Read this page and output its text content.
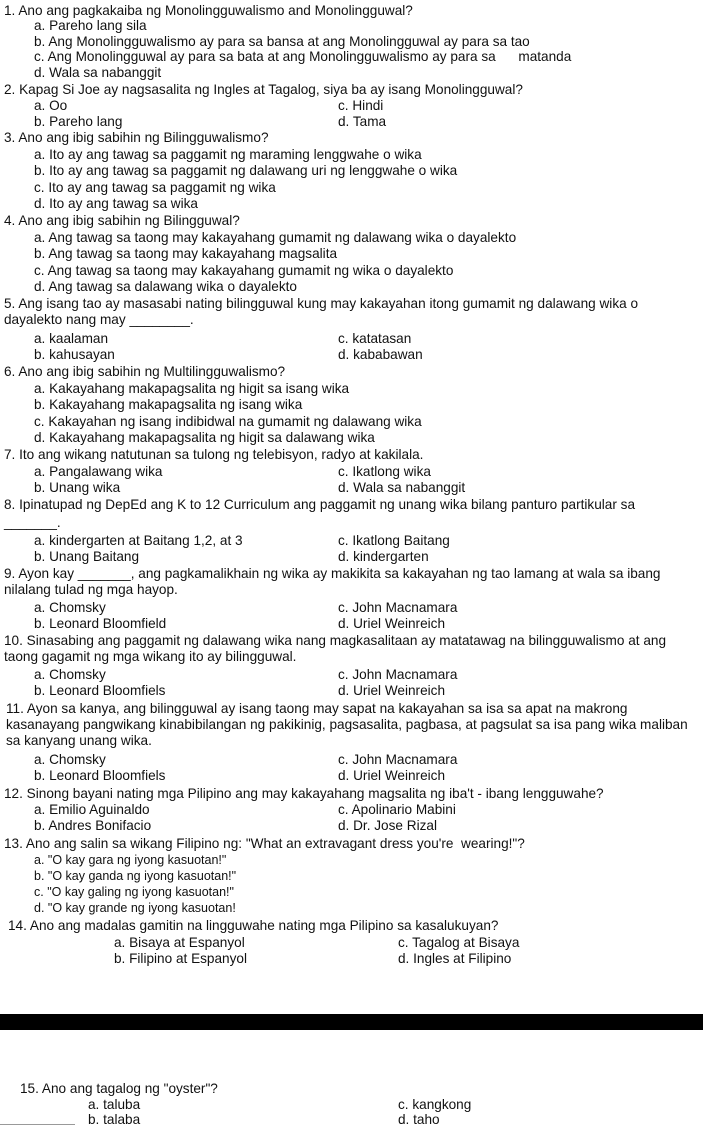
1. Ano ang pagkakaiba ng Monolingguwalismo and Monolingguwal?
a. Pareho lang sila
b. Ang Monolingguwalismo ay para sa bansa at ang Monolingguwal ay para sa tao
c. Ang Monolingguwal ay para sa bata at ang Monolingguwalismo ay para sa      matanda
d. Wala sa nabanggit
2. Kapag Si Joe ay nagsasalita ng Ingles at Tagalog, siya ba ay isang Monolingguwal?
a. Oo	c. Hindi
b. Pareho lang	d. Tama
3. Ano ang ibig sabihin ng Bilingguwalismo?
a. Ito ay ang tawag sa paggamit ng maraming lenggwahe o wika
b. Ito ay ang tawag sa paggamit ng dalawang uri ng lenggwahe o wika
c. Ito ay ang tawag sa paggamit ng wika
d. Ito ay ang tawag sa wika
4. Ano ang ibig sabihin ng Bilingguwal?
a. Ang tawag sa taong may kakayahang gumamit ng dalawang wika o dayalekto
b. Ang tawag sa taong may kakayahang magsalita
c. Ang tawag sa taong may kakayahang gumamit ng wika o dayalekto
d. Ang tawag sa dalawang wika o dayalekto
5. Ang isang tao ay masasabi nating bilingguwal kung may kakayahan itong gumamit ng dalawang wika o dayalekto nang may ________.
a. kaalaman	c. katatasan
b. kahusayan	d. kababawan
6. Ano ang ibig sabihin ng Multilingguwalismo?
a. Kakayahang makapagsalita ng higit sa isang wika
b. Kakayahang makapagsalita ng isang wika
c. Kakayahan ng isang indibidwal na gumamit ng dalawang wika
d. Kakayahang makapagsalita ng higit sa dalawang wika
7. Ito ang wikang natutunan sa tulong ng telebisyon, radyo at kakilala.
a. Pangalawang wika	c. Ikatlong wika
b. Unang wika	d. Wala sa nabanggit
8. Ipinatupad ng DepEd ang K to 12 Curriculum ang paggamit ng unang wika bilang panturo partikular sa
_______.
a. kindergarten at Baitang 1,2, at 3	c. Ikatlong Baitang
b. Unang Baitang	d. kindergarten
9. Ayon kay _______, ang pagkamalikhain ng wika ay makikita sa kakayahan ng tao lamang at wala sa ibang nilalang tulad ng mga hayop.
a. Chomsky	c. John Macnamara
b. Leonard Bloomfield	d. Uriel Weinreich
10. Sinasabing ang paggamit ng dalawang wika nang magkasalitaan ay matatawag na bilingguwalismo at ang taong gagamit ng mga wikang ito ay bilingguwal.
a. Chomsky	c. John Macnamara
b. Leonard Bloomfiels	d. Uriel Weinreich
11. Ayon sa kanya, ang bilingguwal ay isang taong may sapat na kakayahan sa isa sa apat na makrong kasanayang pangwikang kinabibilangan ng pakikinig, pagsasalita, pagbasa, at pagsulat sa isa pang wika maliban sa kanyang unang wika.
a. Chomsky	c. John Macnamara
b. Leonard Bloomfiels	d. Uriel Weinreich
12. Sinong bayani nating mga Pilipino ang may kakayahang magsalita ng iba't - ibang lengguwahe?
a. Emilio Aguinaldo	c. Apolinario Mabini
b. Andres Bonifacio	d. Dr. Jose Rizal
13. Ano ang salin sa wikang Filipino ng: "What an extravagant dress you're  wearing!"?
a. "O kay gara ng iyong kasuotan!"
b. "O kay ganda ng iyong kasuotan!"
c. "O kay galing ng iyong kasuotan!"
d. "O kay grande ng iyong kasuotan!
14. Ano ang madalas gamitin na lingguwahe nating mga Pilipino sa kasalukuyan?
a. Bisaya at Espanyol	c. Tagalog at Bisaya
b. Filipino at Espanyol	d. Ingles at Filipino
15. Ano ang tagalog ng "oyster"?
a. taluba	c. kangkong
b. talaba	d. taho
